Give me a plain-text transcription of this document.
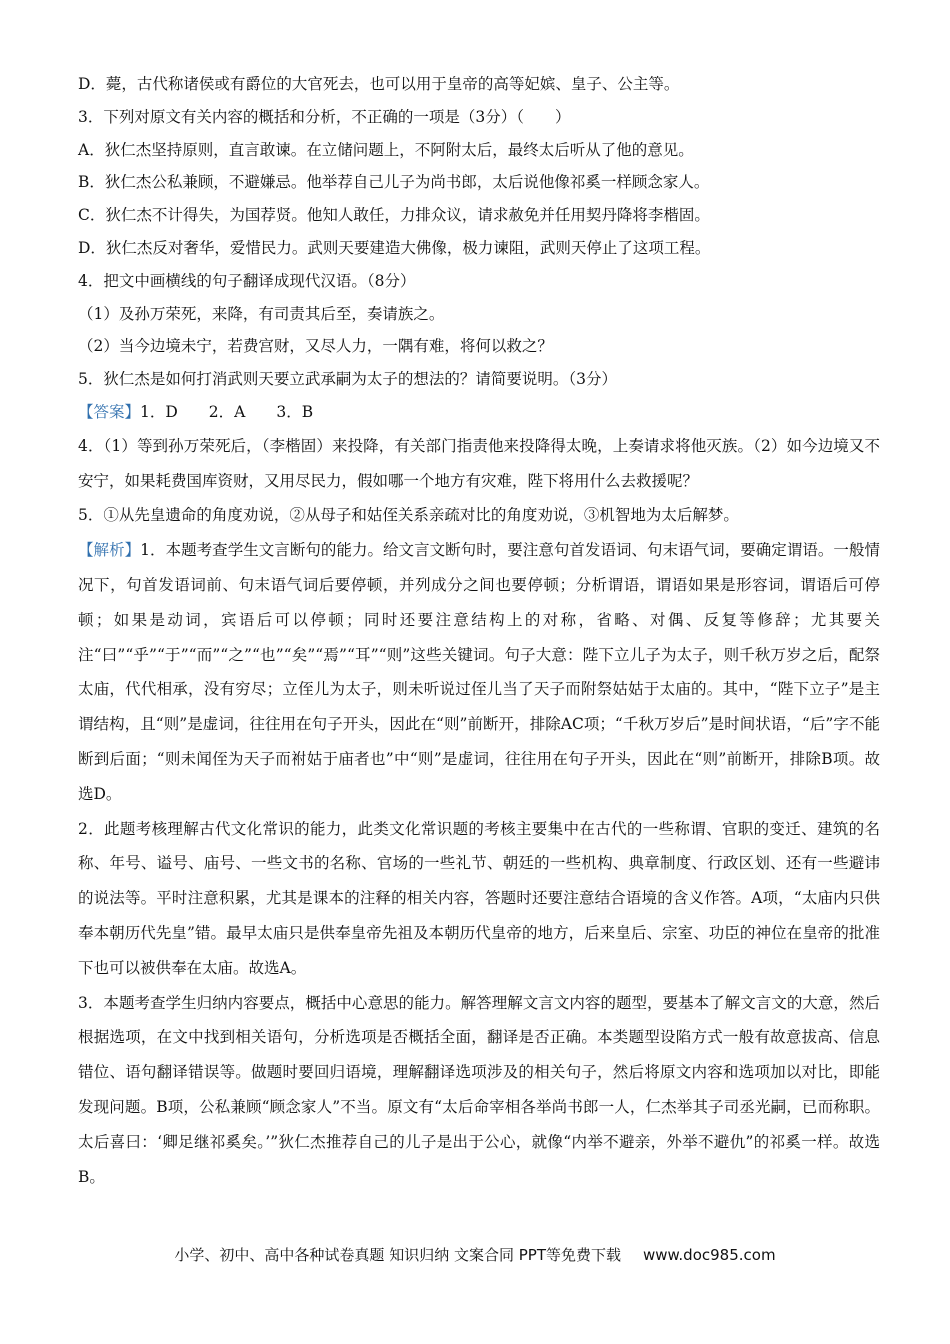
D．薨，古代称诸侯或有爵位的大官死去，也可以用于皇帝的高等妃嫔、皇子、公主等。
3．下列对原文有关内容的概括和分析，不正确的一项是（3分）（　　）
A．狄仁杰坚持原则，直言敢谏。在立储问题上，不阿附太后，最终太后听从了他的意见。
B．狄仁杰公私兼顾，不避嫌忌。他举荐自己儿子为尚书郎，太后说他像祁奚一样顾念家人。
C．狄仁杰不计得失，为国荐贤。他知人敢任，力排众议，请求赦免并任用契丹降将李楷固。
D．狄仁杰反对奢华，爱惜民力。武则天要建造大佛像，极力谏阻，武则天停止了这项工程。
4．把文中画横线的句子翻译成现代汉语。（8分）
（1）及孙万荣死，来降，有司责其后至，奏请族之。
（2）当今边境未宁，若费宫财，又尽人力，一隅有难，将何以救之？
5．狄仁杰是如何打消武则天要立武承嗣为太子的想法的？请简要说明。（3分）
【答案】1．D　　2．A　　3．B
4．（1）等到孙万荣死后，（李楷固）来投降，有关部门指责他来投降得太晚，上奏请求将他灭族。（2）如今边境又不安宁，如果耗费国库资财，又用尽民力，假如哪一个地方有灾难，陛下将用什么去救援呢？
5．①从先皇遗命的角度劝说，②从母子和姑侄关系亲疏对比的角度劝说，③机智地为太后解梦。
【解析】1．本题考查学生文言断句的能力。给文言文断句时，要注意句首发语词、句末语气词，要确定谓语。一般情况下，句首发语词前、句末语气词后要停顿，并列成分之间也要停顿；分析谓语，谓语如果是形容词，谓语后可停顿；如果是动词，宾语后可以停顿；同时还要注意结构上的对称，省略、对偶、反复等修辞；尤其要关注“曰”“乎”“于”“而”“之”“也”“矣”“焉”“耳”“则”这些关键词。句子大意：陛下立儿子为太子，则千秋万岁之后，配祭太庙，代代相承，没有穷尽；立侄儿为太子，则未听说过侄儿当了天子而附祭姑姑于太庙的。其中，“陛下立子”是主谓结构，且“则”是虚词，往往用在句子开头，因此在“则”前断开，排除AC项；“千秋万岁后”是时间状语，“后”字不能断到后面；“则未闻侄为天子而祔姑于庙者也”中“则”是虚词，往往用在句子开头，因此在“则”前断开，排除B项。故选D。
2．此题考核理解古代文化常识的能力，此类文化常识题的考核主要集中在古代的一些称谓、官职的变迁、建筑的名称、年号、谥号、庙号、一些文书的名称、官场的一些礼节、朝廷的一些机构、典章制度、行政区划、还有一些避讳的说法等。平时注意积累，尤其是课本的注释的相关内容，答题时还要注意结合语境的含义作答。A项，“太庙内只供奉本朝历代先皇”错。最早太庙只是供奉皇帝先祖及本朝历代皇帝的地方，后来皇后、宗室、功臣的神位在皇帝的批准下也可以被供奉在太庙。故选A。
3．本题考查学生归纳内容要点，概括中心意思的能力。解答理解文言文内容的题型，要基本了解文言文的大意，然后根据选项，在文中找到相关语句，分析选项是否概括全面，翻译是否正确。本类题型设陷方式一般有故意拔高、信息错位、语句翻译错误等。做题时要回归语境，理解翻译选项涉及的相关句子，然后将原文内容和选项加以对比，即能发现问题。B项，公私兼顾“顾念家人”不当。原文有“太后命宰相各举尚书郎一人，仁杰举其子司丞光嗣，已而称职。太后喜曰：‘卿足继祁奚矣。’”狄仁杰推荐自己的儿子是出于公心，就像“内举不避亲，外举不避仇”的祁奚一样。故选B。
小学、初中、高中各种试卷真题 知识归纳 文案合同 PPT等免费下载 www.doc985.com
